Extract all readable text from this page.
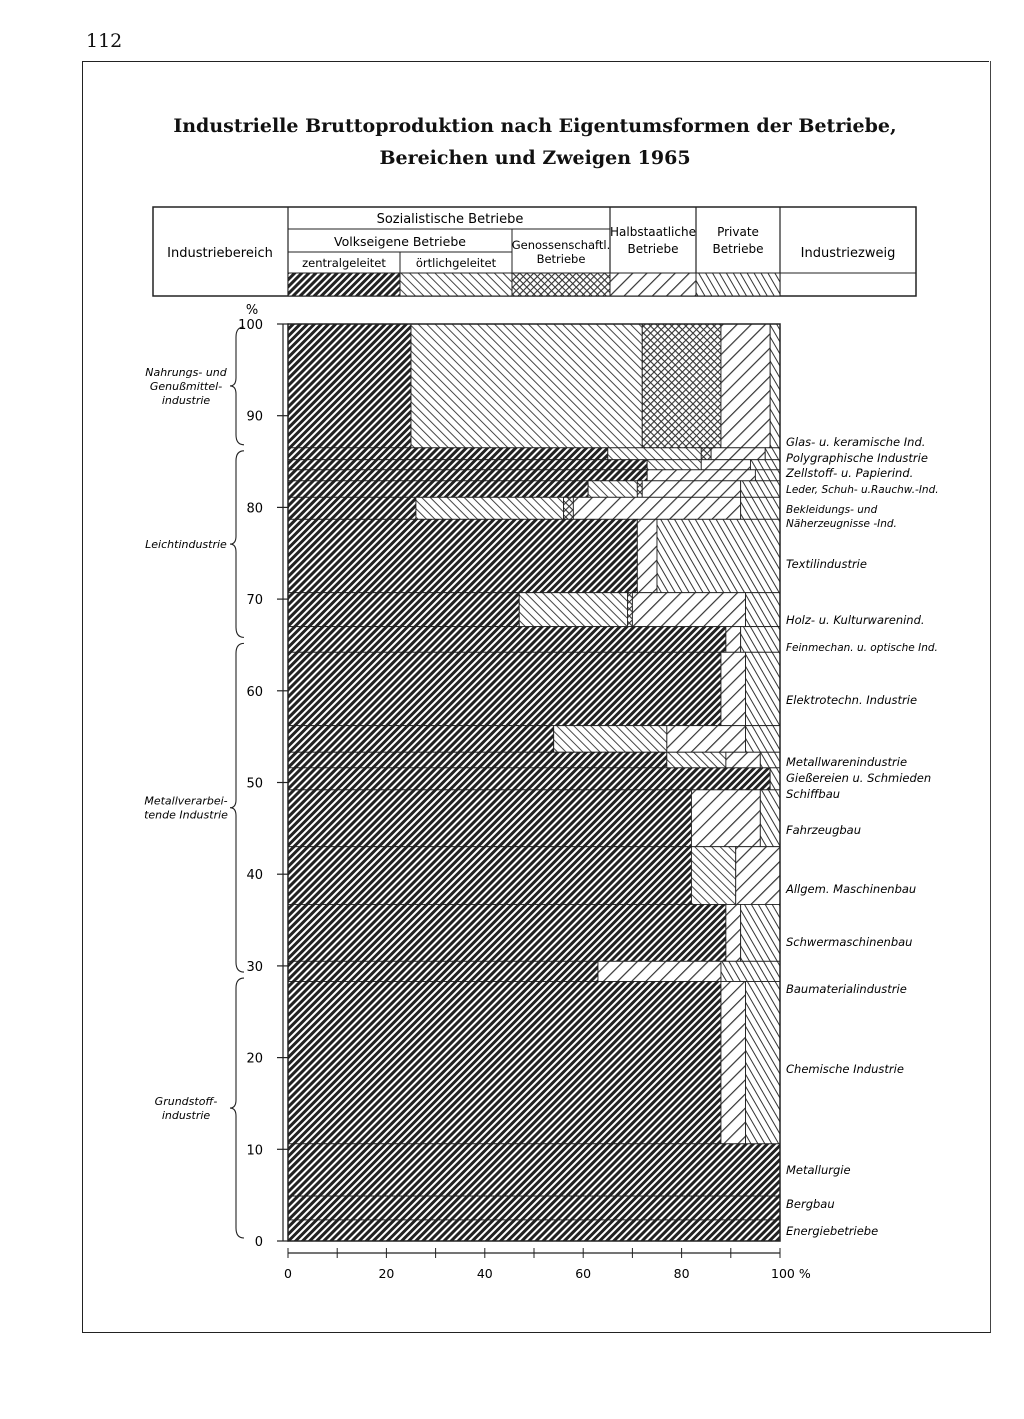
112
Industrielle Bruttoproduktion nach Eigentumsformen der Betriebe,
Bereichen und Zweigen 1965
Industriebereich
Sozialistische Betriebe
Volkseigene Betriebe
zentralgeleitet	örtlichgeleitet
Genossenschaftl.
Betriebe
Halbstaatliche
Betriebe
Private
Betriebe	Industriezweig
%
0
10
20
30
40
50
60
70
80
90
100
0	20	40	60	80	100 %
Glas- u. keramische Ind.
Polygraphische Industrie
Zellstoff- u. Papierind.
Leder, Schuh- u.Rauchw.-Ind.
Bekleidungs- und Näherzeugnisse -Ind.
Textilindustrie
Holz- u. Kulturwarenind.
Feinmechan. u. optische Ind.
Elektrotechn. Industrie
Metallwarenindustrie
Gießereien u. Schmieden
Schiffbau
Fahrzeugbau
Allgem. Maschinenbau
Schwermaschinenbau
Baumaterialindustrie
Chemische Industrie
Metallurgie
Bergbau
Energiebetriebe
Nahrungs- und Genußmittel-industrie
Leichtindustrie
Metallverarbei-tende Industrie
Grundstoff-industrie
